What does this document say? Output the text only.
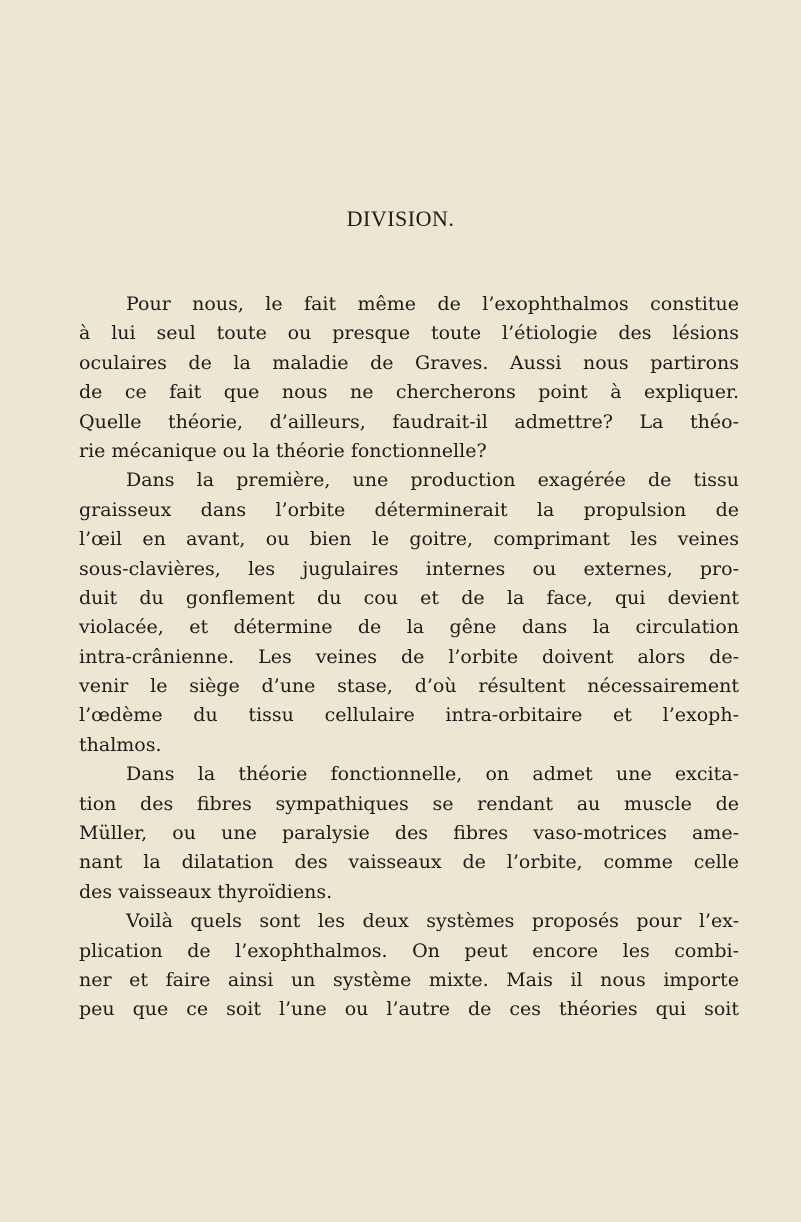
DIVISION.
Pour nous, le fait même de l’exophthalmos constitue
à lui seul toute ou presque toute l’étiologie des lésions
oculaires de la maladie de Graves. Aussi nous partirons
de ce fait que nous ne chercherons point à expliquer.
Quelle théorie, d’ailleurs, faudrait-il admettre? La théo-
rie mécanique ou la théorie fonctionnelle?
Dans la première, une production exagérée de tissu
graisseux dans l’orbite déterminerait la propulsion de
l’œil en avant, ou bien le goitre, comprimant les veines
sous-clavières, les jugulaires internes ou externes, pro-
duit du gonflement du cou et de la face, qui devient
violacée, et détermine de la gêne dans la circulation
intra-crânienne. Les veines de l’orbite doivent alors de-
venir le siège d’une stase, d’où résultent nécessairement
l’œdème du tissu cellulaire intra-orbitaire et l’exoph-
thalmos.
Dans la théorie fonctionnelle, on admet une excita-
tion des fibres sympathiques se rendant au muscle de
Müller, ou une paralysie des fibres vaso-motrices ame-
nant la dilatation des vaisseaux de l’orbite, comme celle
des vaisseaux thyroïdiens.
Voilà quels sont les deux systèmes proposés pour l’ex-
plication de l’exophthalmos. On peut encore les combi-
ner et faire ainsi un système mixte. Mais il nous importe
peu que ce soit l’une ou l’autre de ces théories qui soit
